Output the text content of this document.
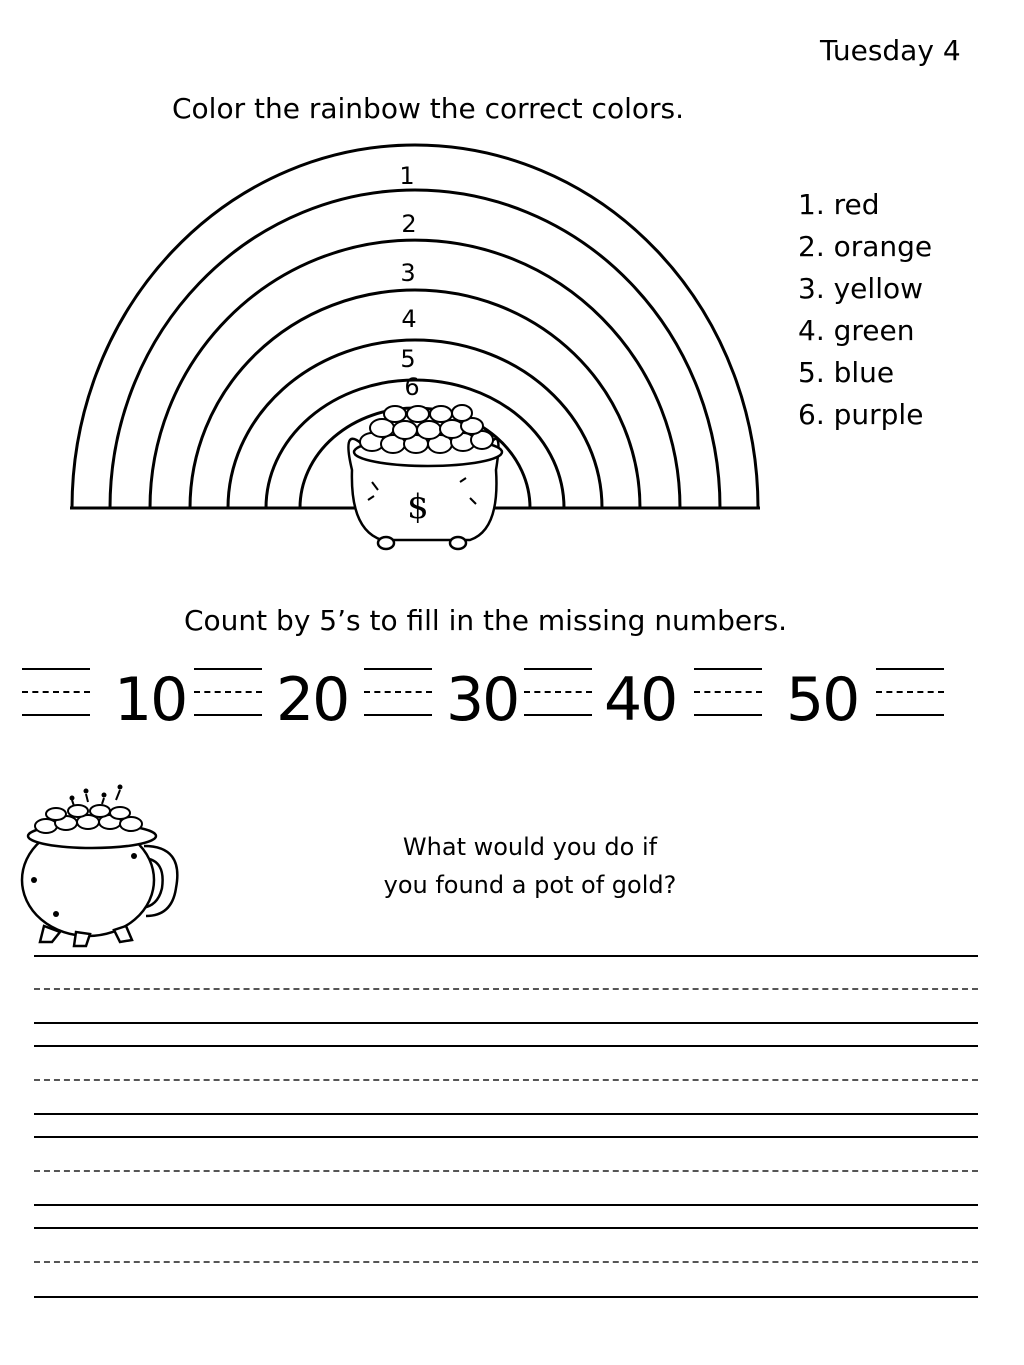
Tuesday 4
Color the rainbow the correct colors.
1
2
3
4
5
6
$
1. red
2. orange
3. yellow
4. green
5. blue
6. purple
Count by 5’s to fill in the missing numbers.
10 20 30 40 50
What would you do if
you found a pot of gold?
